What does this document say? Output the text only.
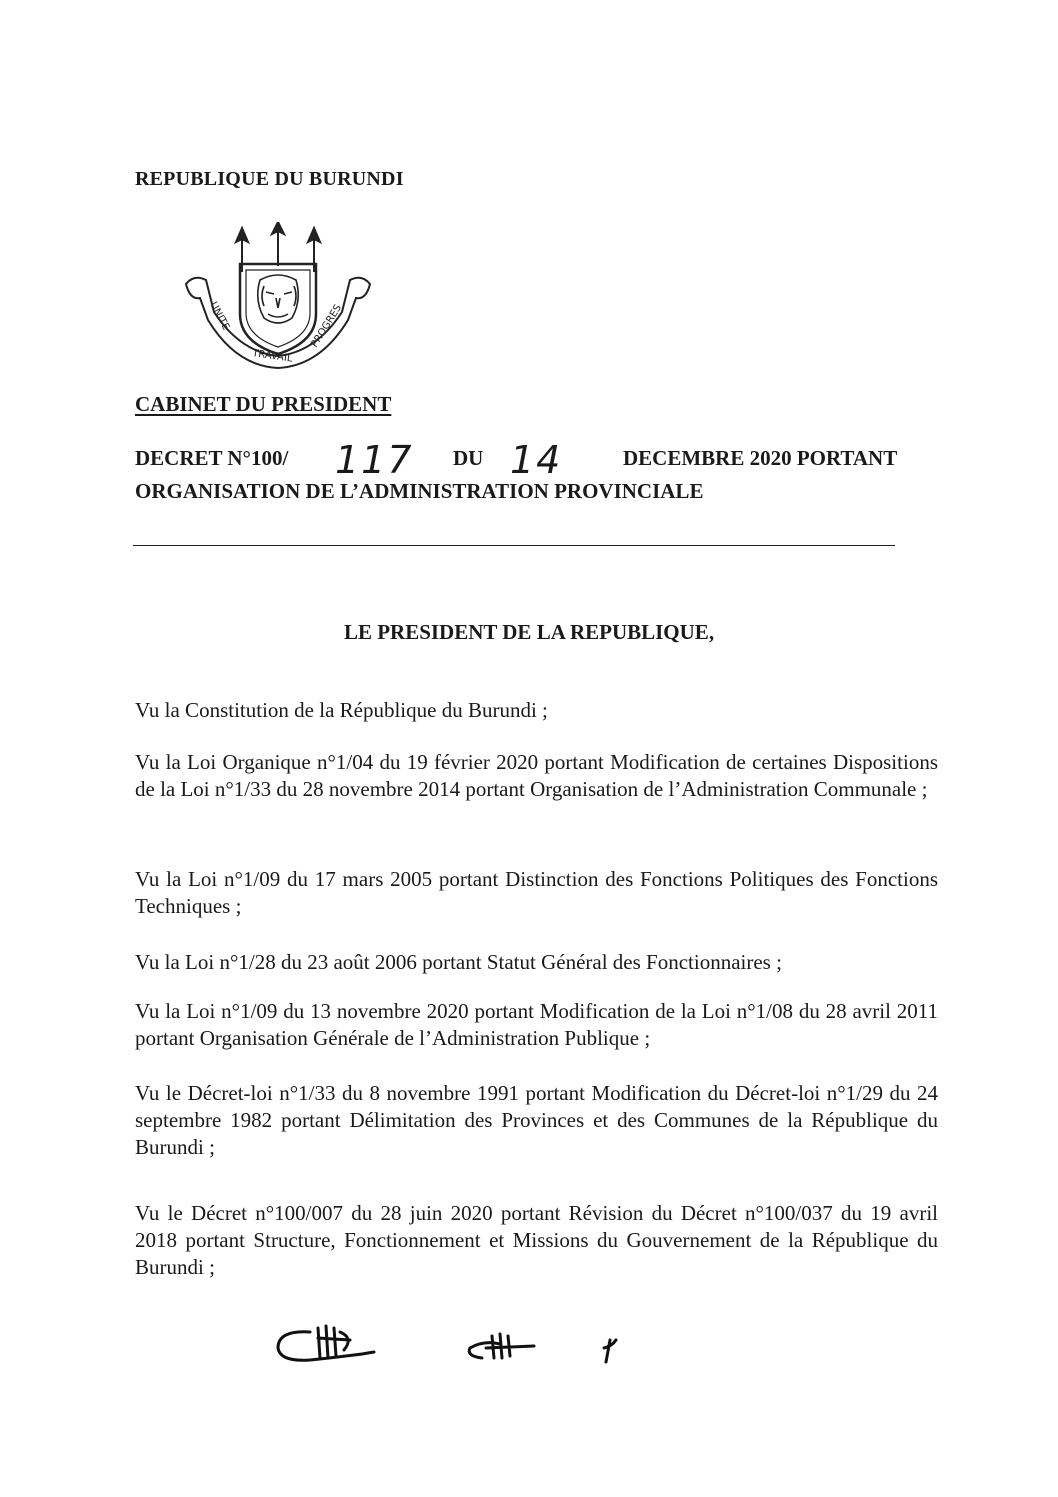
REPUBLIQUE DU BURUNDI
UNITE
TRAVAIL
PROGRES
CABINET DU PRESIDENT
DECRET N°100/ 117 DU 14	DECEMBRE 2020 PORTANT
ORGANISATION DE L’ADMINISTRATION PROVINCIALE
LE PRESIDENT DE LA REPUBLIQUE,
Vu la Constitution de la République du Burundi ;
Vu la Loi Organique n°1/04 du 19 février 2020 portant Modification de certaines Dispositions de la Loi n°1/33 du 28 novembre 2014 portant Organisation de l’Administration Communale ;
Vu la Loi n°1/09 du 17 mars 2005 portant Distinction des Fonctions Politiques des Fonctions Techniques ;
Vu la Loi n°1/28 du 23 août 2006 portant Statut Général des Fonctionnaires ;
Vu la Loi n°1/09 du 13 novembre 2020 portant Modification de la Loi n°1/08 du 28 avril 2011 portant Organisation Générale de l’Administration Publique ;
Vu le Décret-loi n°1/33 du 8 novembre 1991 portant Modification du Décret-loi n°1/29 du 24 septembre 1982 portant Délimitation des Provinces et des Communes de la République du Burundi ;
Vu le Décret n°100/007 du 28 juin 2020 portant Révision du Décret n°100/037 du 19 avril 2018 portant Structure, Fonctionnement et Missions du Gouvernement de la République du Burundi ;
